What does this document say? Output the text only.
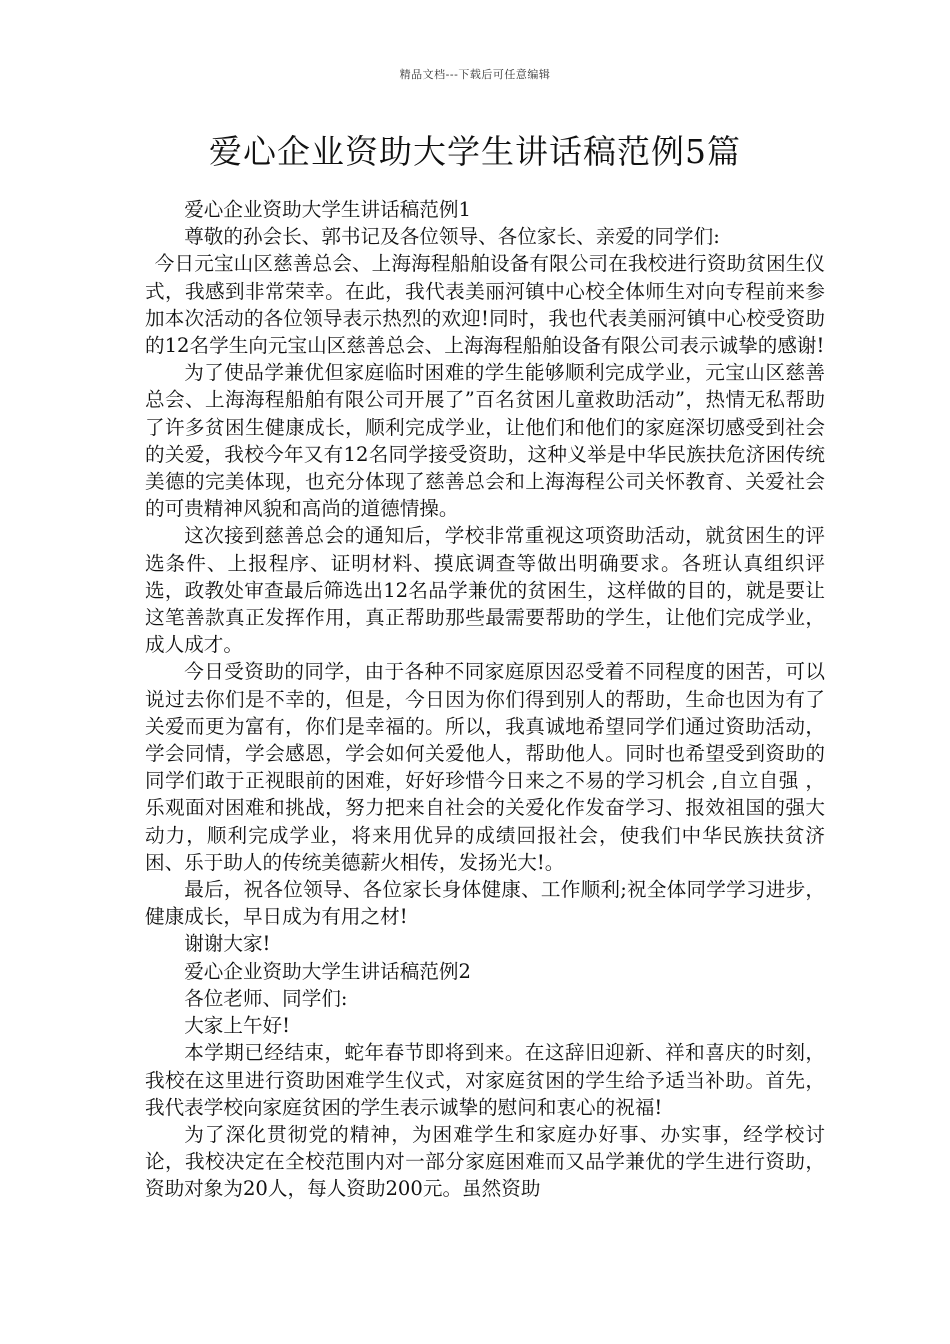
精品文档---下载后可任意编辑
爱心企业资助大学生讲话稿范例5篇

爱心企业资助大学生讲话稿范例1

尊敬的孙会长、郭书记及各位领导、各位家长、亲爱的同学们:

今日元宝山区慈善总会、上海海程船舶设备有限公司在我校进行资助贫困生仪式，我感到非常荣幸。在此，我代表美丽河镇中心校全体师生对向专程前来参加本次活动的各位领导表示热烈的欢迎!同时，我也代表美丽河镇中心校受资助的12名学生向元宝山区慈善总会、上海海程船舶设备有限公司表示诚挚的感谢!

为了使品学兼优但家庭临时困难的学生能够顺利完成学业，元宝山区慈善总会、上海海程船舶有限公司开展了”百名贫困儿童救助活动”，热情无私帮助了许多贫困生健康成长，顺利完成学业，让他们和他们的家庭深切感受到社会的关爱，我校今年又有12名同学接受资助，这种义举是中华民族扶危济困传统美德的完美体现，也充分体现了慈善总会和上海海程公司关怀教育、关爱社会的可贵精神风貌和高尚的道德情操。

这次接到慈善总会的通知后，学校非常重视这项资助活动，就贫困生的评选条件、上报程序、证明材料、摸底调查等做出明确要求。各班认真组织评选，政教处审查最后筛选出12名品学兼优的贫困生，这样做的目的，就是要让这笔善款真正发挥作用，真正帮助那些最需要帮助的学生，让他们完成学业，成人成才。

今日受资助的同学，由于各种不同家庭原因忍受着不同程度的困苦，可以说过去你们是不幸的，但是，今日因为你们得到别人的帮助，生命也因为有了关爱而更为富有，你们是幸福的。所以，我真诚地希望同学们通过资助活动，学会同情，学会感恩，学会如何关爱他人，帮助他人。同时也希望受到资助的同学们敢于正视眼前的困难，好好珍惜今日来之不易的学习机会 ,自立自强 ，乐观面对困难和挑战，努力把来自社会的关爱化作发奋学习、报效祖国的强大动力，顺利完成学业，将来用优异的成绩回报社会，使我们中华民族扶贫济困、乐于助人的传统美德薪火相传，发扬光大!。

最后，祝各位领导、各位家长身体健康、工作顺利;祝全体同学学习进步，健康成长，早日成为有用之材!

谢谢大家!

爱心企业资助大学生讲话稿范例2

各位老师、同学们:

大家上午好!

本学期已经结束，蛇年春节即将到来。在这辞旧迎新、祥和喜庆的时刻，我校在这里进行资助困难学生仪式，对家庭贫困的学生给予适当补助。首先，我代表学校向家庭贫困的学生表示诚挚的慰问和衷心的祝福!

为了深化贯彻党的精神，为困难学生和家庭办好事、办实事，经学校讨论，我校决定在全校范围内对一部分家庭困难而又品学兼优的学生进行资助，资助对象为20人，每人资助200元。虽然资助
